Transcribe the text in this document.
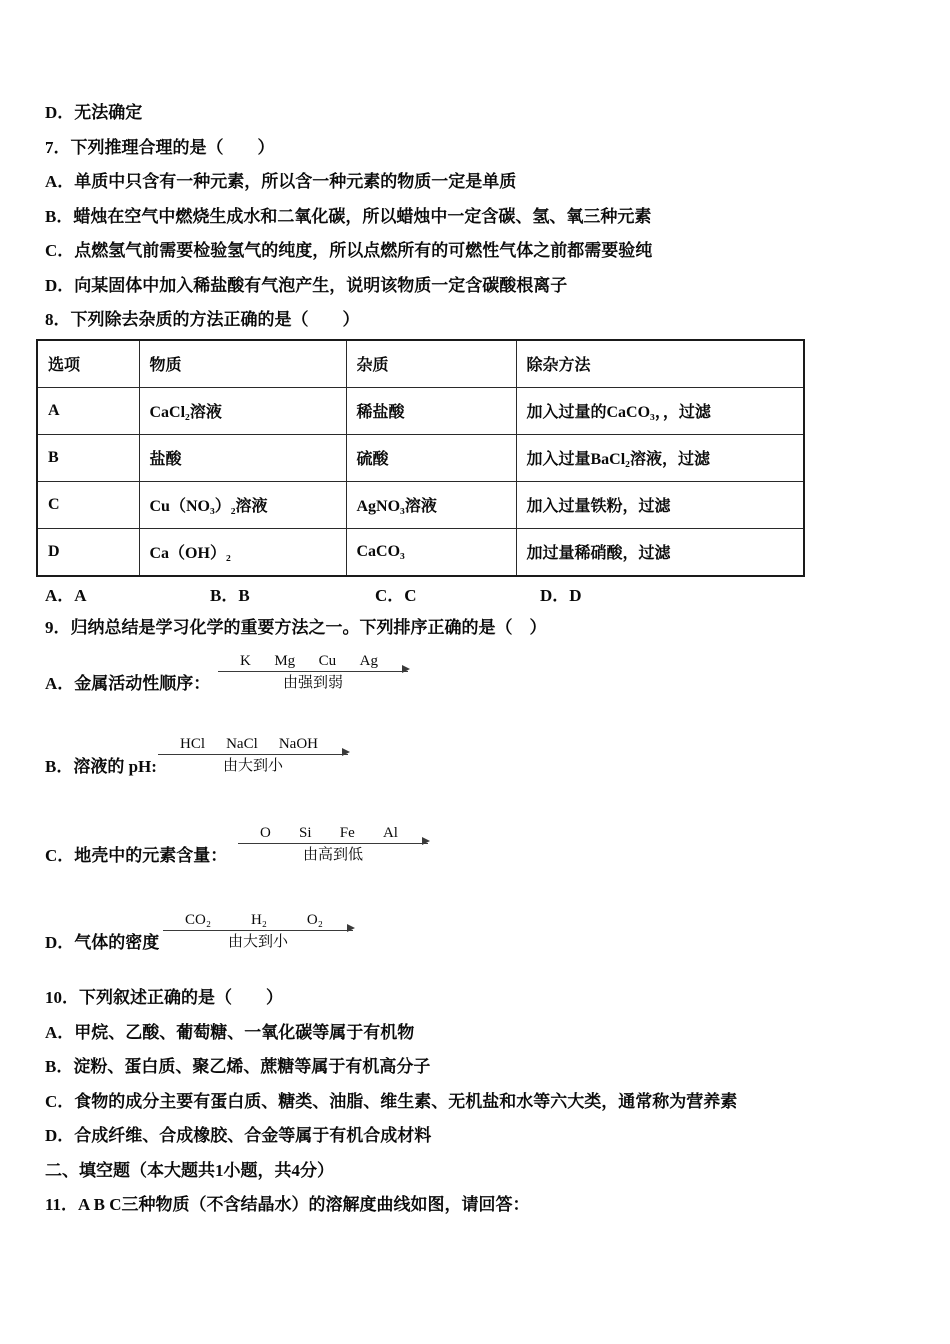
D．无法确定

7．下列推理合理的是（　　）

A．单质中只含有一种元素，所以含一种元素的物质一定是单质

B．蜡烛在空气中燃烧生成水和二氧化碳，所以蜡烛中一定含碳、氢、氧三种元素

C．点燃氢气前需要检验氢气的纯度，所以点燃所有的可燃性气体之前都需要验纯

D．向某固体中加入稀盐酸有气泡产生，说明该物质一定含碳酸根离子

8．下列除去杂质的方法正确的是（　　）

选项	物质	杂质	除杂方法
A	CaCl₂溶液	稀盐酸	加入过量的CaCO₃，，过滤
B	盐酸	硫酸	加入过量BaCl₂溶液，过滤
C	Cu（NO₃）₂溶液	AgNO₃溶液	加入过量铁粉，过滤
D	Ca（OH）₂	CaCO₃	加过量稀硝酸，过滤
A．A	B．B	C．C	D．D

9．归纳总结是学习化学的重要方法之一。下列排序正确的是（　）

A．金属活动性顺序：
K Mg Cu Ag
由强到弱
B．溶液的 pH:
HCl NaCl NaOH
由大到小
C．地壳中的元素含量：
O Si Fe Al
由高到低
D．气体的密度
CO₂	H₂	O₂
由大到小

10．下列叙述正确的是（　　）

A．甲烷、乙酸、葡萄糖、一氧化碳等属于有机物

B．淀粉、蛋白质、聚乙烯、蔗糖等属于有机高分子

C．食物的成分主要有蛋白质、糖类、油脂、维生素、无机盐和水等六大类，通常称为营养素

D．合成纤维、合成橡胶、合金等属于有机合成材料

二、填空题（本大题共1小题，共4分）

11．A B C三种物质（不含结晶水）的溶解度曲线如图，请回答：
